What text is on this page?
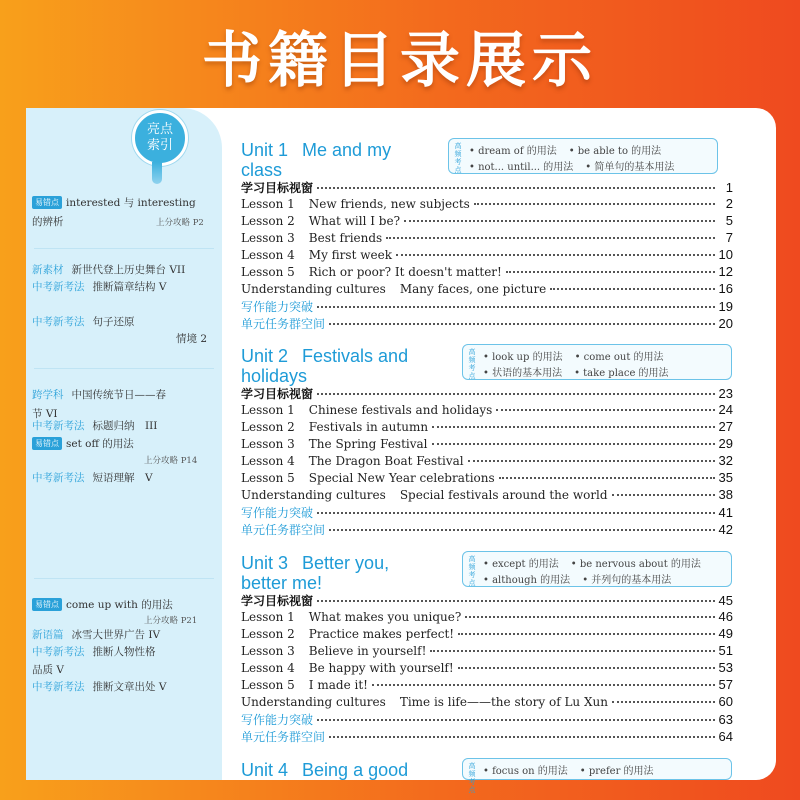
书籍目录展示
亮点
索引
易错点 interested 与 interesting
的辨析	上分攻略 P2
新素材 新世代登上历史舞台 VII
中考新考法 推断篇章结构 V
中考新考法 句子还原
情境 2
跨学科 中国传统节日——春
节 VI
中考新考法 标题归纳　III
易错点 set off 的用法
上分攻略 P14
中考新考法 短语理解　V
易错点 come up with 的用法
上分攻略 P21
新语篇 冰雪大世界广告 IV
中考新考法 推断人物性格
品质 V
中考新考法 推断文章出处 V
Unit 1 Me and my class
高频考点
• dream of 的用法 • be able to 的用法
• not... until... 的用法 • 简单句的基本用法
学习目标视窗	1
Lesson 1 New friends, new subjects	2
Lesson 2 What will I be?	5
Lesson 3 Best friends	7
Lesson 4 My first week	10
Lesson 5 Rich or poor? It doesn't matter!	12
Understanding cultures Many faces, one picture	16
写作能力突破	19
单元任务群空间	20
Unit 2 Festivals and holidays
高频考点
• look up 的用法 • come out 的用法
• 状语的基本用法 • take place 的用法
学习目标视窗	23
Lesson 1 Chinese festivals and holidays	24
Lesson 2 Festivals in autumn	27
Lesson 3 The Spring Festival	29
Lesson 4 The Dragon Boat Festival	32
Lesson 5 Special New Year celebrations	35
Understanding cultures Special festivals around the world	38
写作能力突破	41
单元任务群空间	42
Unit 3 Better you, better me!
高频考点
• except 的用法 • be nervous about 的用法
• although 的用法 • 并列句的基本用法
学习目标视窗	45
Lesson 1 What makes you unique?	46
Lesson 2 Practice makes perfect!	49
Lesson 3 Believe in yourself!	51
Lesson 4 Be happy with yourself!	53
Lesson 5 I made it!	57
Understanding cultures Time is life——the story of Lu Xun	60
写作能力突破	63
单元任务群空间	64
Unit 4 Being a good	高频考点
• focus on 的用法 • prefer 的用法
